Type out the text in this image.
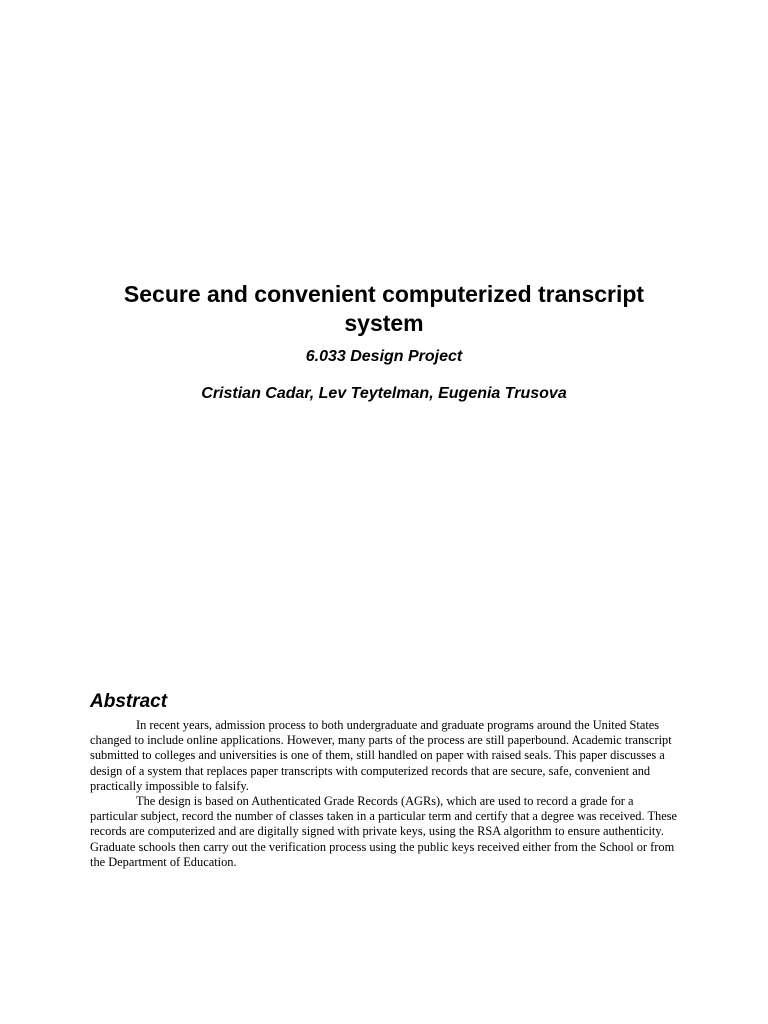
Secure and convenient computerized transcript system
6.033 Design Project
Cristian Cadar, Lev Teytelman, Eugenia Trusova
Abstract

In recent years, admission process to both undergraduate and graduate programs around the United States changed to include online applications. However, many parts of the process are still paperbound. Academic transcript submitted to colleges and universities is one of them, still handled on paper with raised seals. This paper discusses a design of a system that replaces paper transcripts with computerized records that are secure, safe, convenient and practically impossible to falsify.

The design is based on Authenticated Grade Records (AGRs), which are used to record a grade for a particular subject, record the number of classes taken in a particular term and certify that a degree was received. These records are computerized and are digitally signed with private keys, using the RSA algorithm to ensure authenticity. Graduate schools then carry out the verification process using the public keys received either from the School or from the Department of Education.
